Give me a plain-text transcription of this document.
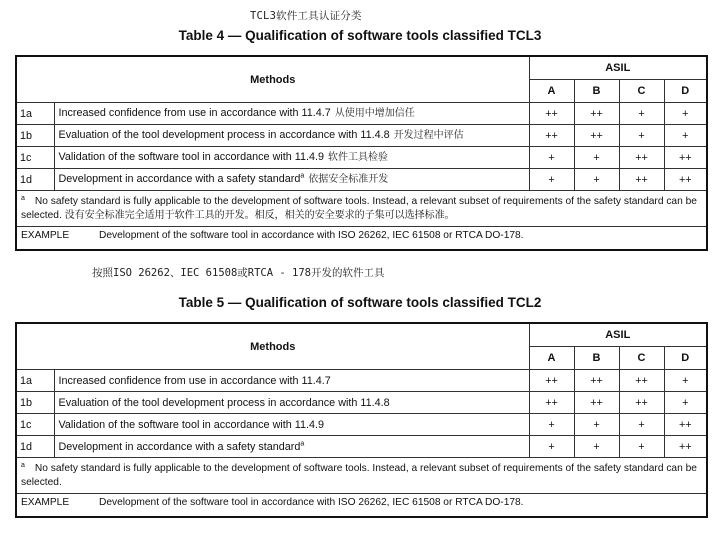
TCL3软件工具认证分类
Table 4 — Qualification of software tools classified TCL3
Methods		ASIL			
		A	B	C	D
1a	Increased confidence from use in accordance with 11.4.7 从使用中增加信任	++	++	+	+
1b	Evaluation of the tool development process in accordance with 11.4.8 开发过程中评估	++	++	+	+
1c	Validation of the software tool in accordance with 11.4.9 软件工具检验	+	+	++	++
1d	Development in accordance with a safety standard$^a$ 依据安全标准开发	+	+	++	++
$^a$ No safety standard is fully applicable to the development of software tools. Instead, a relevant subset of requirements of the safety standard can be selected. 没有安全标准完全适用于软件工具的开发。相反，相关的安全要求的子集可以选择标准。					
EXAMPLE Development of the software tool in accordance with ISO 26262, IEC 61508 or RTCA DO-178.					
按照ISO 26262、IEC 61508或RTCA - 178开发的软件工具
Table 5 — Qualification of software tools classified TCL2
Methods		ASIL			
		A	B	C	D
1a	Increased confidence from use in accordance with 11.4.7	++	++	++	+
1b	Evaluation of the tool development process in accordance with 11.4.8	++	++	++	+
1c	Validation of the software tool in accordance with 11.4.9	+	+	+	++
1d	Development in accordance with a safety standard$^a$	+	+	+	++
$^a$ No safety standard is fully applicable to the development of software tools. Instead, a relevant subset of requirements of the safety standard can be selected.					
EXAMPLE Development of the software tool in accordance with ISO 26262, IEC 61508 or RTCA DO-178.					
